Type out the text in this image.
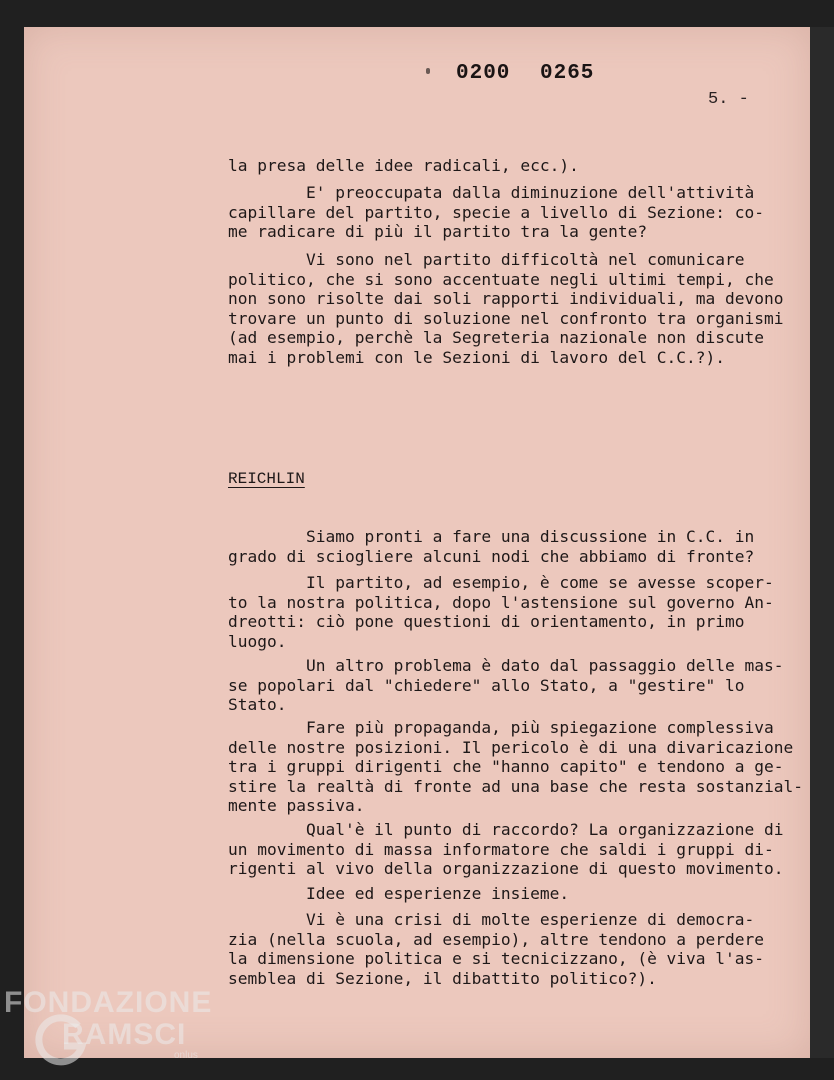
0200 0265
5. -
la presa delle idee radicali, ecc.).
E' preoccupata dalla diminuzione dell'attività
capillare del partito, specie a livello di Sezione: co-
me radicare di più il partito tra la gente?
Vi sono nel partito difficoltà nel comunicare
politico, che si sono accentuate negli ultimi tempi, che
non sono risolte dai soli rapporti individuali, ma devono
trovare un punto di soluzione nel confronto tra organismi
(ad esempio, perchè la Segreteria nazionale non discute
mai i problemi con le Sezioni di lavoro del C.C.?).
REICHLIN
Siamo pronti a fare una discussione in C.C. in
grado di sciogliere alcuni nodi che abbiamo di fronte?
Il partito, ad esempio, è come se avesse scoper-
to la nostra politica, dopo l'astensione sul governo An-
dreotti: ciò pone questioni di orientamento, in primo
luogo.
Un altro problema è dato dal passaggio delle mas-
se popolari dal "chiedere" allo Stato, a "gestire" lo
Stato.
Fare più propaganda, più spiegazione complessiva
delle nostre posizioni. Il pericolo è di una divaricazione
tra i gruppi dirigenti che "hanno capito" e tendono a ge-
stire la realtà di fronte ad una base che resta sostanzial-
mente passiva.
Qual'è il punto di raccordo? La organizzazione di
un movimento di massa informatore che saldi i gruppi di-
rigenti al vivo della organizzazione di questo movimento.
Idee ed esperienze insieme.
Vi è una crisi di molte esperienze di democra-
zia (nella scuola, ad esempio), altre tendono a perdere
la dimensione politica e si tecnicizzano, (è viva l'as-
semblea di Sezione, il dibattito politico?).
FONDAZIONE
RAMSCI
onlus
